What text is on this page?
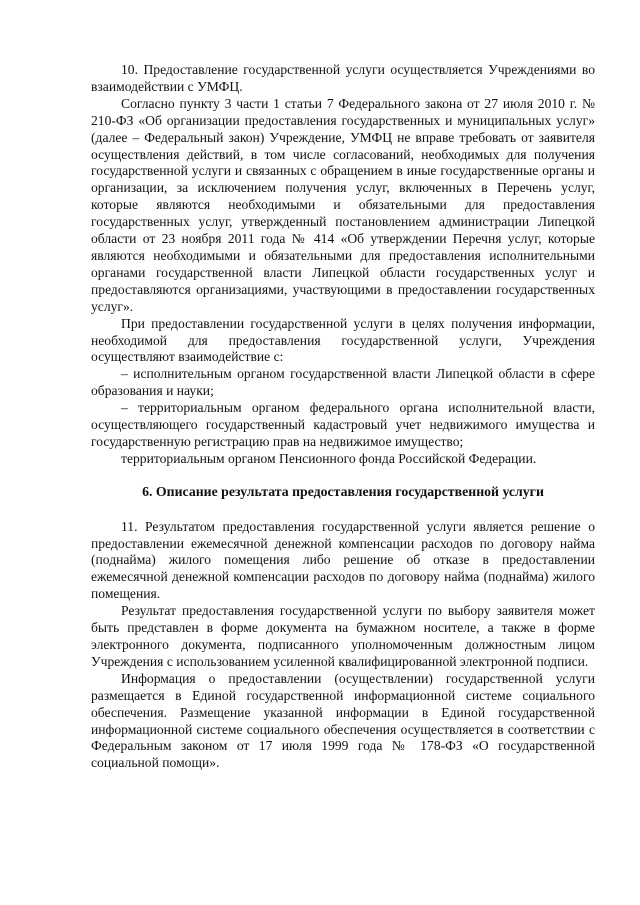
10. Предоставление государственной услуги осуществляется Учреждениями во взаимодействии с УМФЦ.

Согласно пункту 3 части 1 статьи 7 Федерального закона от 27 июля 2010 г. № 210-ФЗ «Об организации предоставления государственных и муниципальных услуг» (далее – Федеральный закон) Учреждение, УМФЦ не вправе требовать от заявителя осуществления действий, в том числе согласований, необходимых для получения государственной услуги и связанных с обращением в иные государственные органы и организации, за исключением получения услуг, включенных в Перечень услуг, которые являются необходимыми и обязательными для предоставления государственных услуг, утвержденный постановлением администрации Липецкой области от 23 ноября 2011 года № 414 «Об утверждении Перечня услуг, которые являются необходимыми и обязательными для предоставления исполнительными органами государственной власти Липецкой области государственных услуг и предоставляются организациями, участвующими в предоставлении государственных услуг».

При предоставлении государственной услуги в целях получения информации, необходимой для предоставления государственной услуги, Учреждения осуществляют взаимодействие с:

– исполнительным органом государственной власти Липецкой области в сфере образования и науки;

– территориальным органом федерального органа исполнительной власти, осуществляющего государственный кадастровый учет недвижимого имущества и государственную регистрацию прав на недвижимое имущество;

территориальным органом Пенсионного фонда Российской Федерации.

6. Описание результата предоставления государственной услуги

11. Результатом предоставления государственной услуги является решение о предоставлении ежемесячной денежной компенсации расходов по договору найма (поднайма) жилого помещения либо решение об отказе в предоставлении ежемесячной денежной компенсации расходов по договору найма (поднайма) жилого помещения.

Результат предоставления государственной услуги по выбору заявителя может быть представлен в форме документа на бумажном носителе, а также в форме электронного документа, подписанного уполномоченным должностным лицом Учреждения с использованием усиленной квалифицированной электронной подписи.

Информация о предоставлении (осуществлении) государственной услуги размещается в Единой государственной информационной системе социального обеспечения. Размещение указанной информации в Единой государственной информационной системе социального обеспечения осуществляется в соответствии с Федеральным законом от 17 июля 1999 года № 178-ФЗ «О государственной социальной помощи».
